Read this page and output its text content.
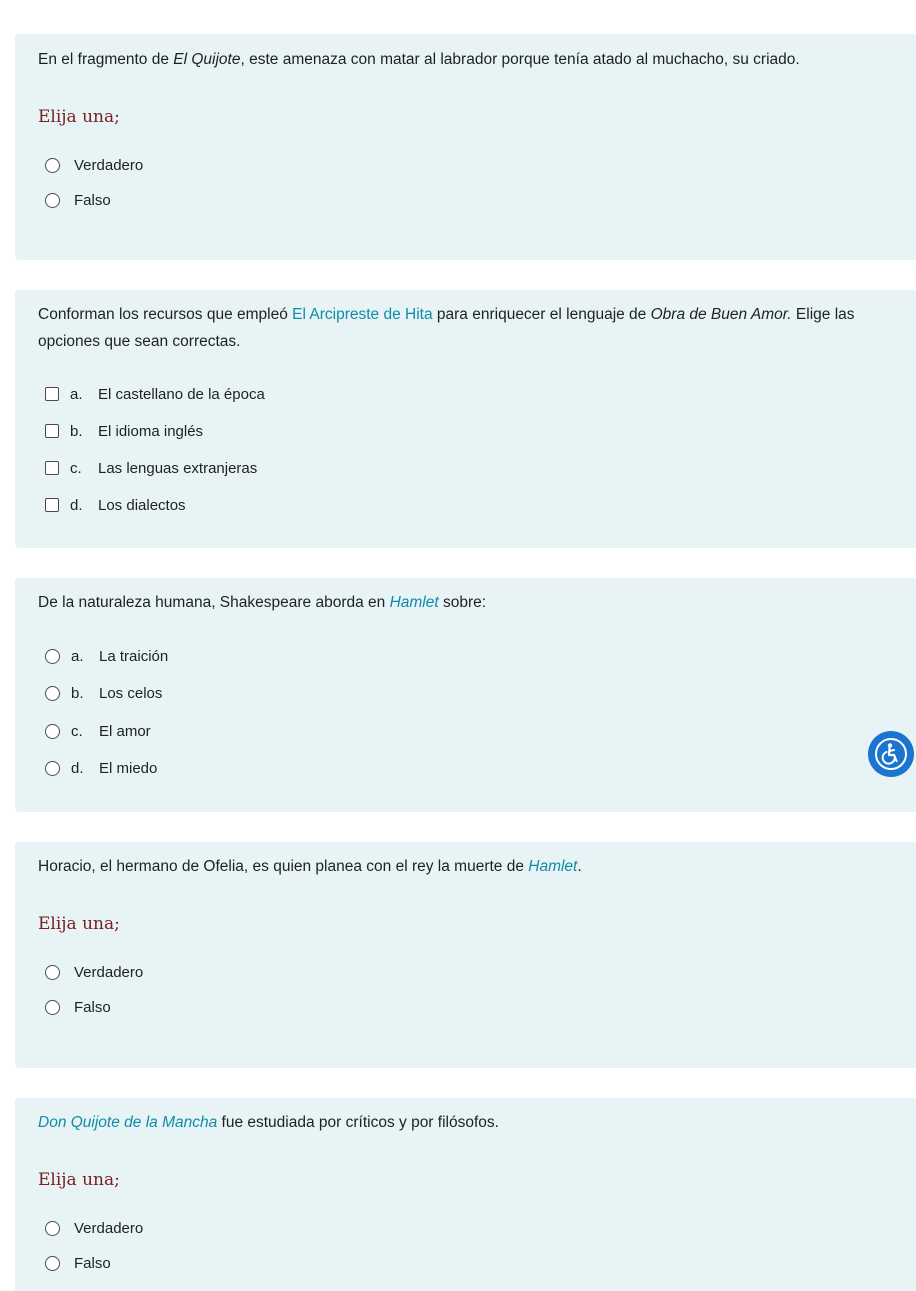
En el fragmento de El Quijote, este amenaza con matar al labrador porque tenía atado al muchacho, su criado.
Elija una;
Verdadero
Falso
Conforman los recursos que empleó El Arcipreste de Hita para enriquecer el lenguaje de Obra de Buen Amor. Elige las opciones que sean correctas.
a.	El castellano de la época
b.	El idioma inglés
c.	Las lenguas extranjeras
d.	Los dialectos
De la naturaleza humana, Shakespeare aborda en Hamlet sobre:
a.	La traición
b.	Los celos
c.	El amor
d.	El miedo
Horacio, el hermano de Ofelia, es quien planea con el rey la muerte de Hamlet.
Elija una;
Verdadero
Falso
Don Quijote de la Mancha fue estudiada por críticos y por filósofos.
Elija una;
Verdadero
Falso
